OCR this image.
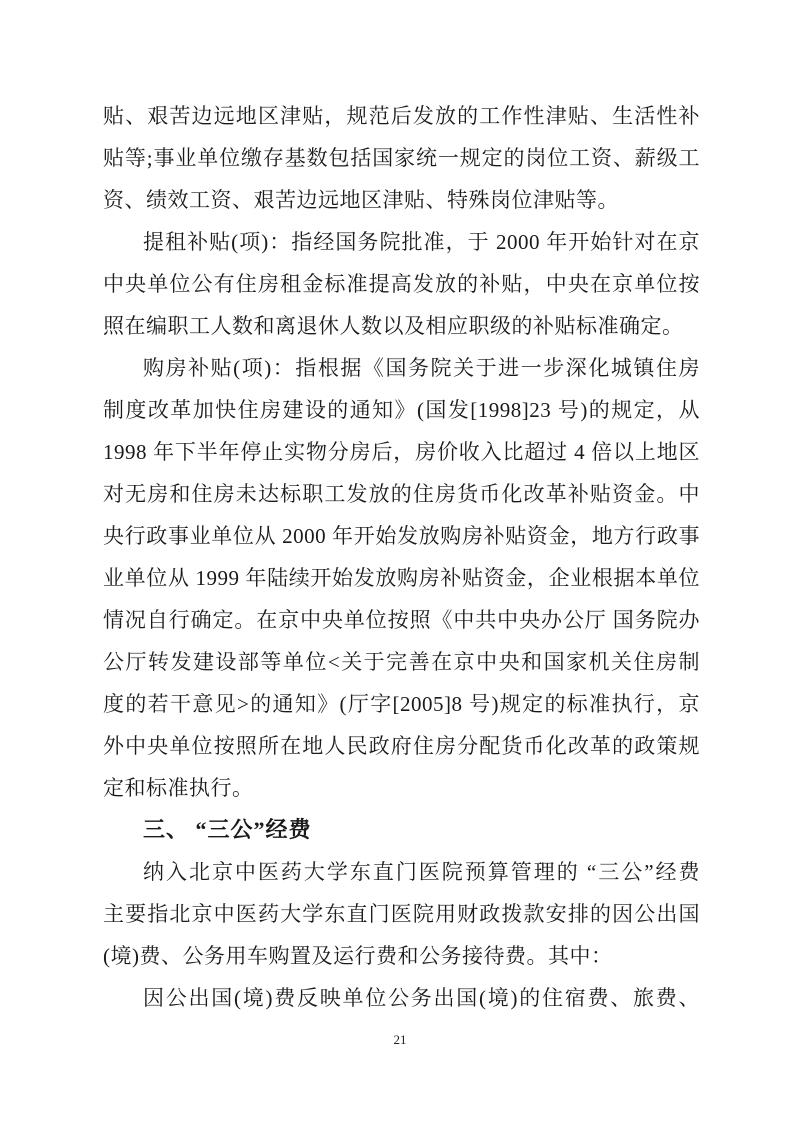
贴、艰苦边远地区津贴，规范后发放的工作性津贴、生活性补
贴等;事业单位缴存基数包括国家统一规定的岗位工资、薪级工
资、绩效工资、艰苦边远地区津贴、特殊岗位津贴等。
提租补贴(项)：指经国务院批准，于 2000 年开始针对在京
中央单位公有住房租金标准提高发放的补贴，中央在京单位按
照在编职工人数和离退休人数以及相应职级的补贴标准确定。
购房补贴(项)：指根据《国务院关于进一步深化城镇住房
制度改革加快住房建设的通知》(国发[1998]23 号)的规定，从
1998 年下半年停止实物分房后，房价收入比超过 4 倍以上地区
对无房和住房未达标职工发放的住房货币化改革补贴资金。中
央行政事业单位从 2000 年开始发放购房补贴资金，地方行政事
业单位从 1999 年陆续开始发放购房补贴资金，企业根据本单位
情况自行确定。在京中央单位按照《中共中央办公厅 国务院办
公厅转发建设部等单位<关于完善在京中央和国家机关住房制
度的若干意见>的通知》(厅字[2005]8 号)规定的标准执行，京
外中央单位按照所在地人民政府住房分配货币化改革的政策规
定和标准执行。
三、 “三公”经费
纳入北京中医药大学东直门医院预算管理的 “三公”经费
主要指北京中医药大学东直门医院用财政拨款安排的因公出国
(境)费、公务用车购置及运行费和公务接待费。其中：
因公出国(境)费反映单位公务出国(境)的住宿费、旅费、
21
